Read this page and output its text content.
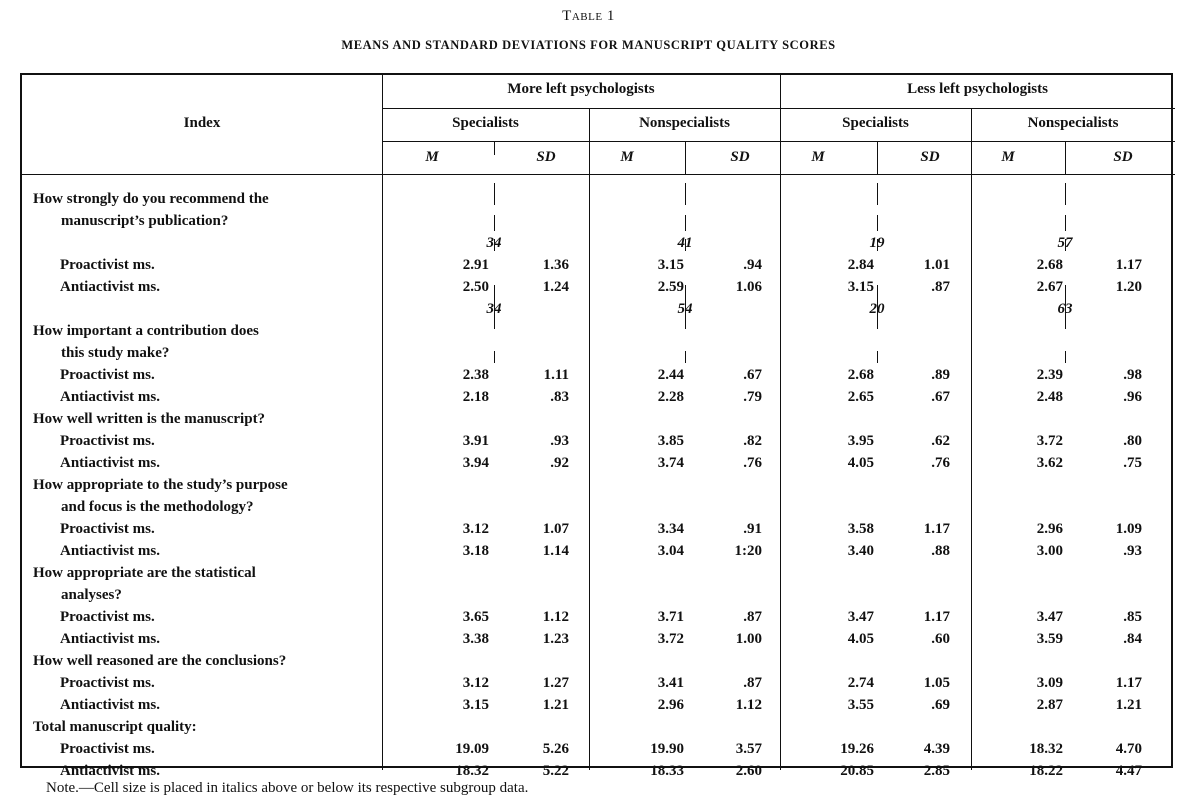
Table 1
MEANS AND STANDARD DEVIATIONS FOR MANUSCRIPT QUALITY SCORES
Index
More left psychologists	Less left psychologists
Specialists	Nonspecialists	Specialists	Nonspecialists
M	SD	M	SD	M	SD	M	SD
How strongly do you recommend the
manuscript’s publication?
34	41	19	57
Proactivist ms.	2.91	1.36	3.15	.94	2.84	1.01	2.68	1.17
Antiactivist ms.	2.50	1.24	2.59	1.06	3.15	.87	2.67	1.20
34	54	20	63
How important a contribution does
this study make?
Proactivist ms.	2.38	1.11	2.44	.67	2.68	.89	2.39	.98
Antiactivist ms.	2.18	.83	2.28	.79	2.65	.67	2.48	.96
How well written is the manuscript?
Proactivist ms.	3.91	.93	3.85	.82	3.95	.62	3.72	.80
Antiactivist ms.	3.94	.92	3.74	.76	4.05	.76	3.62	.75
How appropriate to the study’s purpose
and focus is the methodology?
Proactivist ms.	3.12	1.07	3.34	.91	3.58	1.17	2.96	1.09
Antiactivist ms.	3.18	1.14	3.04	1:20	3.40	.88	3.00	.93
How appropriate are the statistical
analyses?
Proactivist ms.	3.65	1.12	3.71	.87	3.47	1.17	3.47	.85
Antiactivist ms.	3.38	1.23	3.72	1.00	4.05	.60	3.59	.84
How well reasoned are the conclusions?
Proactivist ms.	3.12	1.27	3.41	.87	2.74	1.05	3.09	1.17
Antiactivist ms.	3.15	1.21	2.96	1.12	3.55	.69	2.87	1.21
Total manuscript quality:
Proactivist ms.	19.09	5.26	19.90	3.57	19.26	4.39	18.32	4.70
Antiactivist ms.	18.32	5.22	18.33	2.60	20.85	2.85	18.22	4.47
Note.—Cell size is placed in italics above or below its respective subgroup data.
